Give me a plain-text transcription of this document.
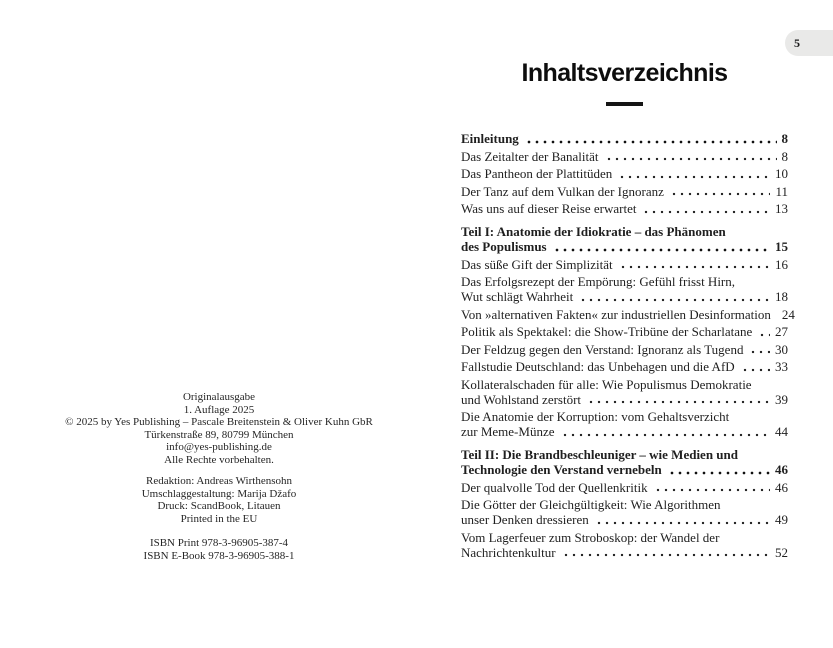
Originalausgabe
1. Auflage 2025
© 2025 by Yes Publishing – Pascale Breitenstein & Oliver Kuhn GbR
Türkenstraße 89, 80799 München
info@yes-publishing.de
Alle Rechte vorbehalten.
Redaktion: Andreas Wirthensohn
Umschlaggestaltung: Marija Džafo
Druck: ScandBook, Litauen
Printed in the EU
ISBN Print 978-3-96905-387-4
ISBN E-Book 978-3-96905-388-1
5
Inhaltsverzeichnis
Einleitung	8
Das Zeitalter der Banalität	8
Das Pantheon der Plattitüden	10
Der Tanz auf dem Vulkan der Ignoranz	11
Was uns auf dieser Reise erwartet	13
Teil I: Anatomie der Idiokratie – das Phänomen
des Populismus	15
Das süße Gift der Simplizität	16
Das Erfolgsrezept der Empörung: Gefühl frisst Hirn,
Wut schlägt Wahrheit	18
Von »alternativen Fakten« zur industriellen Desinformation 24
Politik als Spektakel: die Show-Tribüne der Scharlatane 27
Der Feldzug gegen den Verstand: Ignoranz als Tugend 30
Fallstudie Deutschland: das Unbehagen und die AfD	33
Kollateralschaden für alle: Wie Populismus Demokratie
und Wohlstand zerstört	39
Die Anatomie der Korruption: vom Gehaltsverzicht
zur Meme-Münze	44
Teil II: Die Brandbeschleuniger – wie Medien und
Technologie den Verstand vernebeln	46
Der qualvolle Tod der Quellenkritik	46
Die Götter der Gleichgültigkeit: Wie Algorithmen
unser Denken dressieren	49
Vom Lagerfeuer zum Stroboskop: der Wandel der
Nachrichtenkultur	52
